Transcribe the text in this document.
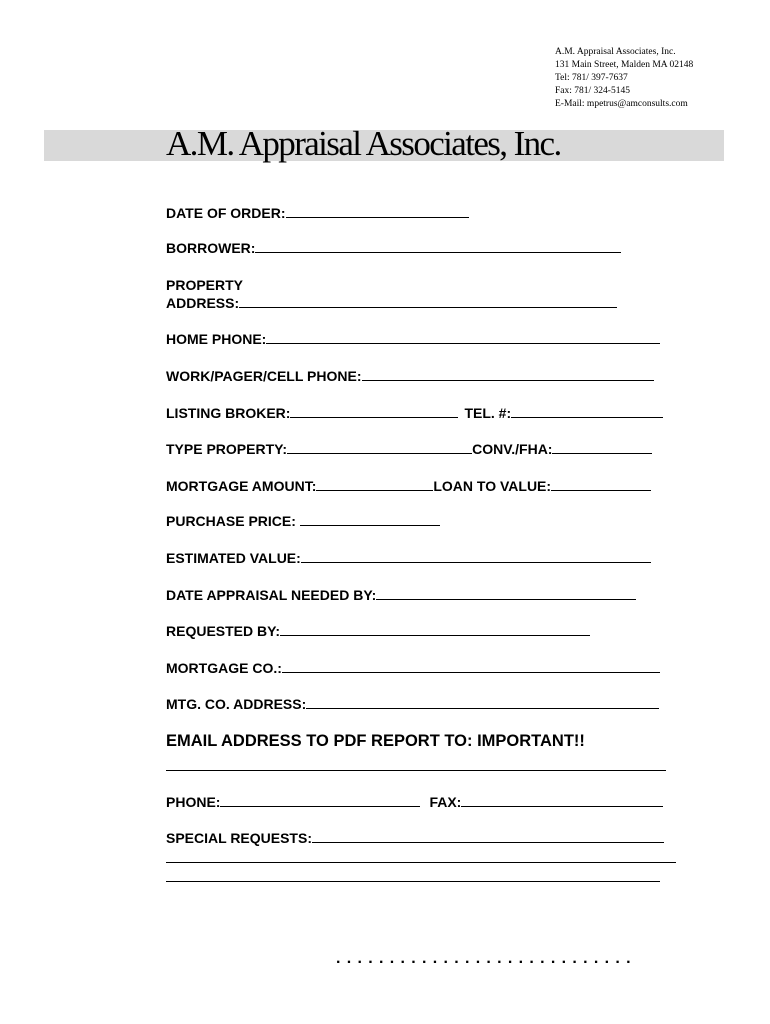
A.M. Appraisal Associates, Inc.
131 Main Street, Malden MA 02148
Tel: 781/ 397-7637
Fax: 781/ 324-5145
E-Mail: mpetrus@amconsults.com
A.M. Appraisal Associates, Inc.
DATE OF ORDER:
BORROWER:
PROPERTY
ADDRESS:
HOME PHONE:
WORK/PAGER/CELL PHONE:
LISTING BROKER:	TEL. #:
TYPE PROPERTY:	CONV./FHA:
MORTGAGE AMOUNT:	LOAN TO VALUE:
PURCHASE PRICE:
ESTIMATED VALUE:
DATE APPRAISAL NEEDED BY:
REQUESTED BY:
MORTGAGE CO.:
MTG. CO. ADDRESS:
EMAIL ADDRESS TO PDF REPORT TO: IMPORTANT!!
PHONE:	FAX:
SPECIAL REQUESTS:
............................
